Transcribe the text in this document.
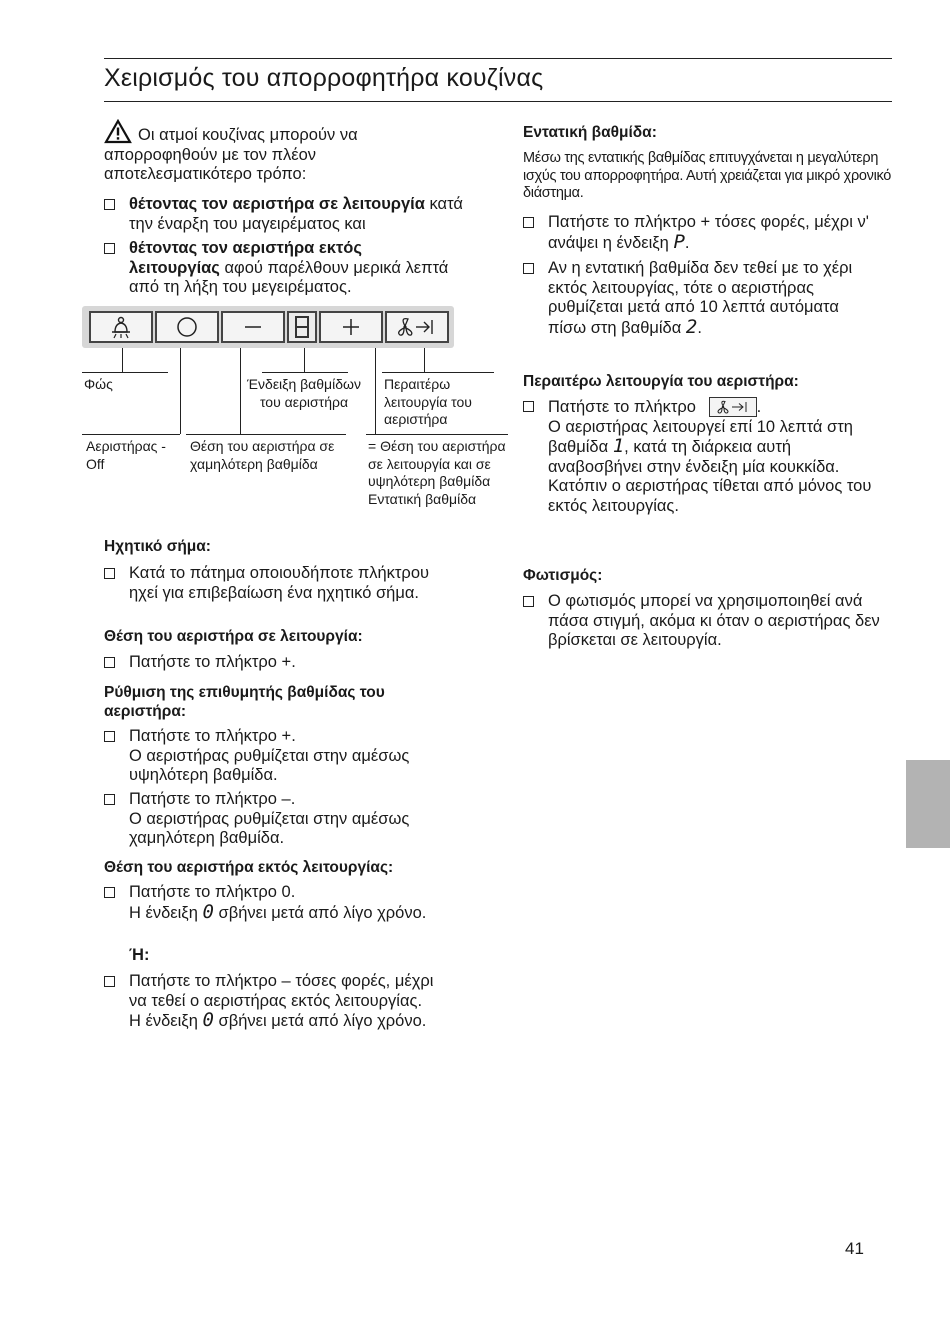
Χειρισμός του απορροφητήρα κουζίνας
Οι ατμοί κουζίνας μπορούν να απορροφηθούν με τον πλέον αποτελεσματικότερο τρόπο:
θέτοντας τον αεριστήρα σε λειτουργία κατά την έναρξη του μαγειρέματος και
θέτοντας τον αεριστήρα εκτός λειτουργίας αφού παρέλθουν μερικά λεπτά από τη λήξη του μεγειρέματος.
Φώς	Ένδειξη βαθμίδων του αεριστήρα
Περαιτέρω λειτουργία του αεριστήρα
Αεριστήρας - Off
Θέση του αεριστήρα σε χαμηλότερη βαθμίδα
= Θέση του αεριστήρα σε λειτουργία και σε υψηλότερη βαθμίδα Εντατική βαθμίδα
Ηχητικό σήμα:
Κατά το πάτημα οποιουδήποτε πλήκτρου ηχεί για επιβεβαίωση ένα ηχητικό σήμα.
Θέση του αεριστήρα σε λειτουργία:
Πατήστε το πλήκτρο +.
Ρύθμιση της επιθυμητής βαθμίδας του αεριστήρα:
Πατήστε το πλήκτρο +.
Ο αεριστήρας ρυθμίζεται στην αμέσως υψηλότερη βαθμίδα.
Πατήστε το πλήκτρο –.
Ο αεριστήρας ρυθμίζεται στην αμέσως χαμηλότερη βαθμίδα.
Θέση του αεριστήρα εκτός λειτουργίας:
Πατήστε το πλήκτρο 0.
Η ένδειξη 0 σβήνει μετά από λίγο χρόνο.
Ή:
Πατήστε το πλήκτρο – τόσες φορές, μέχρι να τεθεί ο αεριστήρας εκτός λειτουργίας.
Η ένδειξη 0 σβήνει μετά από λίγο χρόνο.
Εντατική βαθμίδα:
Μέσω της εντατικής βαθμίδας επιτυγχάνεται η μεγαλύτερη ισχύς του απορροφητήρα. Αυτή χρειάζεται για μικρό χρονικό διάστημα.
Πατήστε το πλήκτρο + τόσες φορές, μέχρι ν' ανάψει η ένδειξη P.
Αν η εντατική βαθμίδα δεν τεθεί με το χέρι εκτός λειτουργίας, τότε ο αεριστήρας ρυθμίζεται μετά από 10 λεπτά αυτόματα πίσω στη βαθμίδα 2.
Περαιτέρω λειτουργία του αεριστήρα:
Πατήστε το πλήκτρο	.
Ο αεριστήρας λειτουργεί επί 10 λεπτά στη βαθμίδα 1, κατά τη διάρκεια αυτή αναβοσβήνει στην ένδειξη μία κουκκίδα. Κατόπιν ο αεριστήρας τίθεται από μόνος του εκτός λειτουργίας.
Φωτισμός:
Ο φωτισμός μπορεί να χρησιμοποιηθεί ανά πάσα στιγμή, ακόμα κι όταν ο αεριστήρας δεν βρίσκεται σε λειτουργία.
41
